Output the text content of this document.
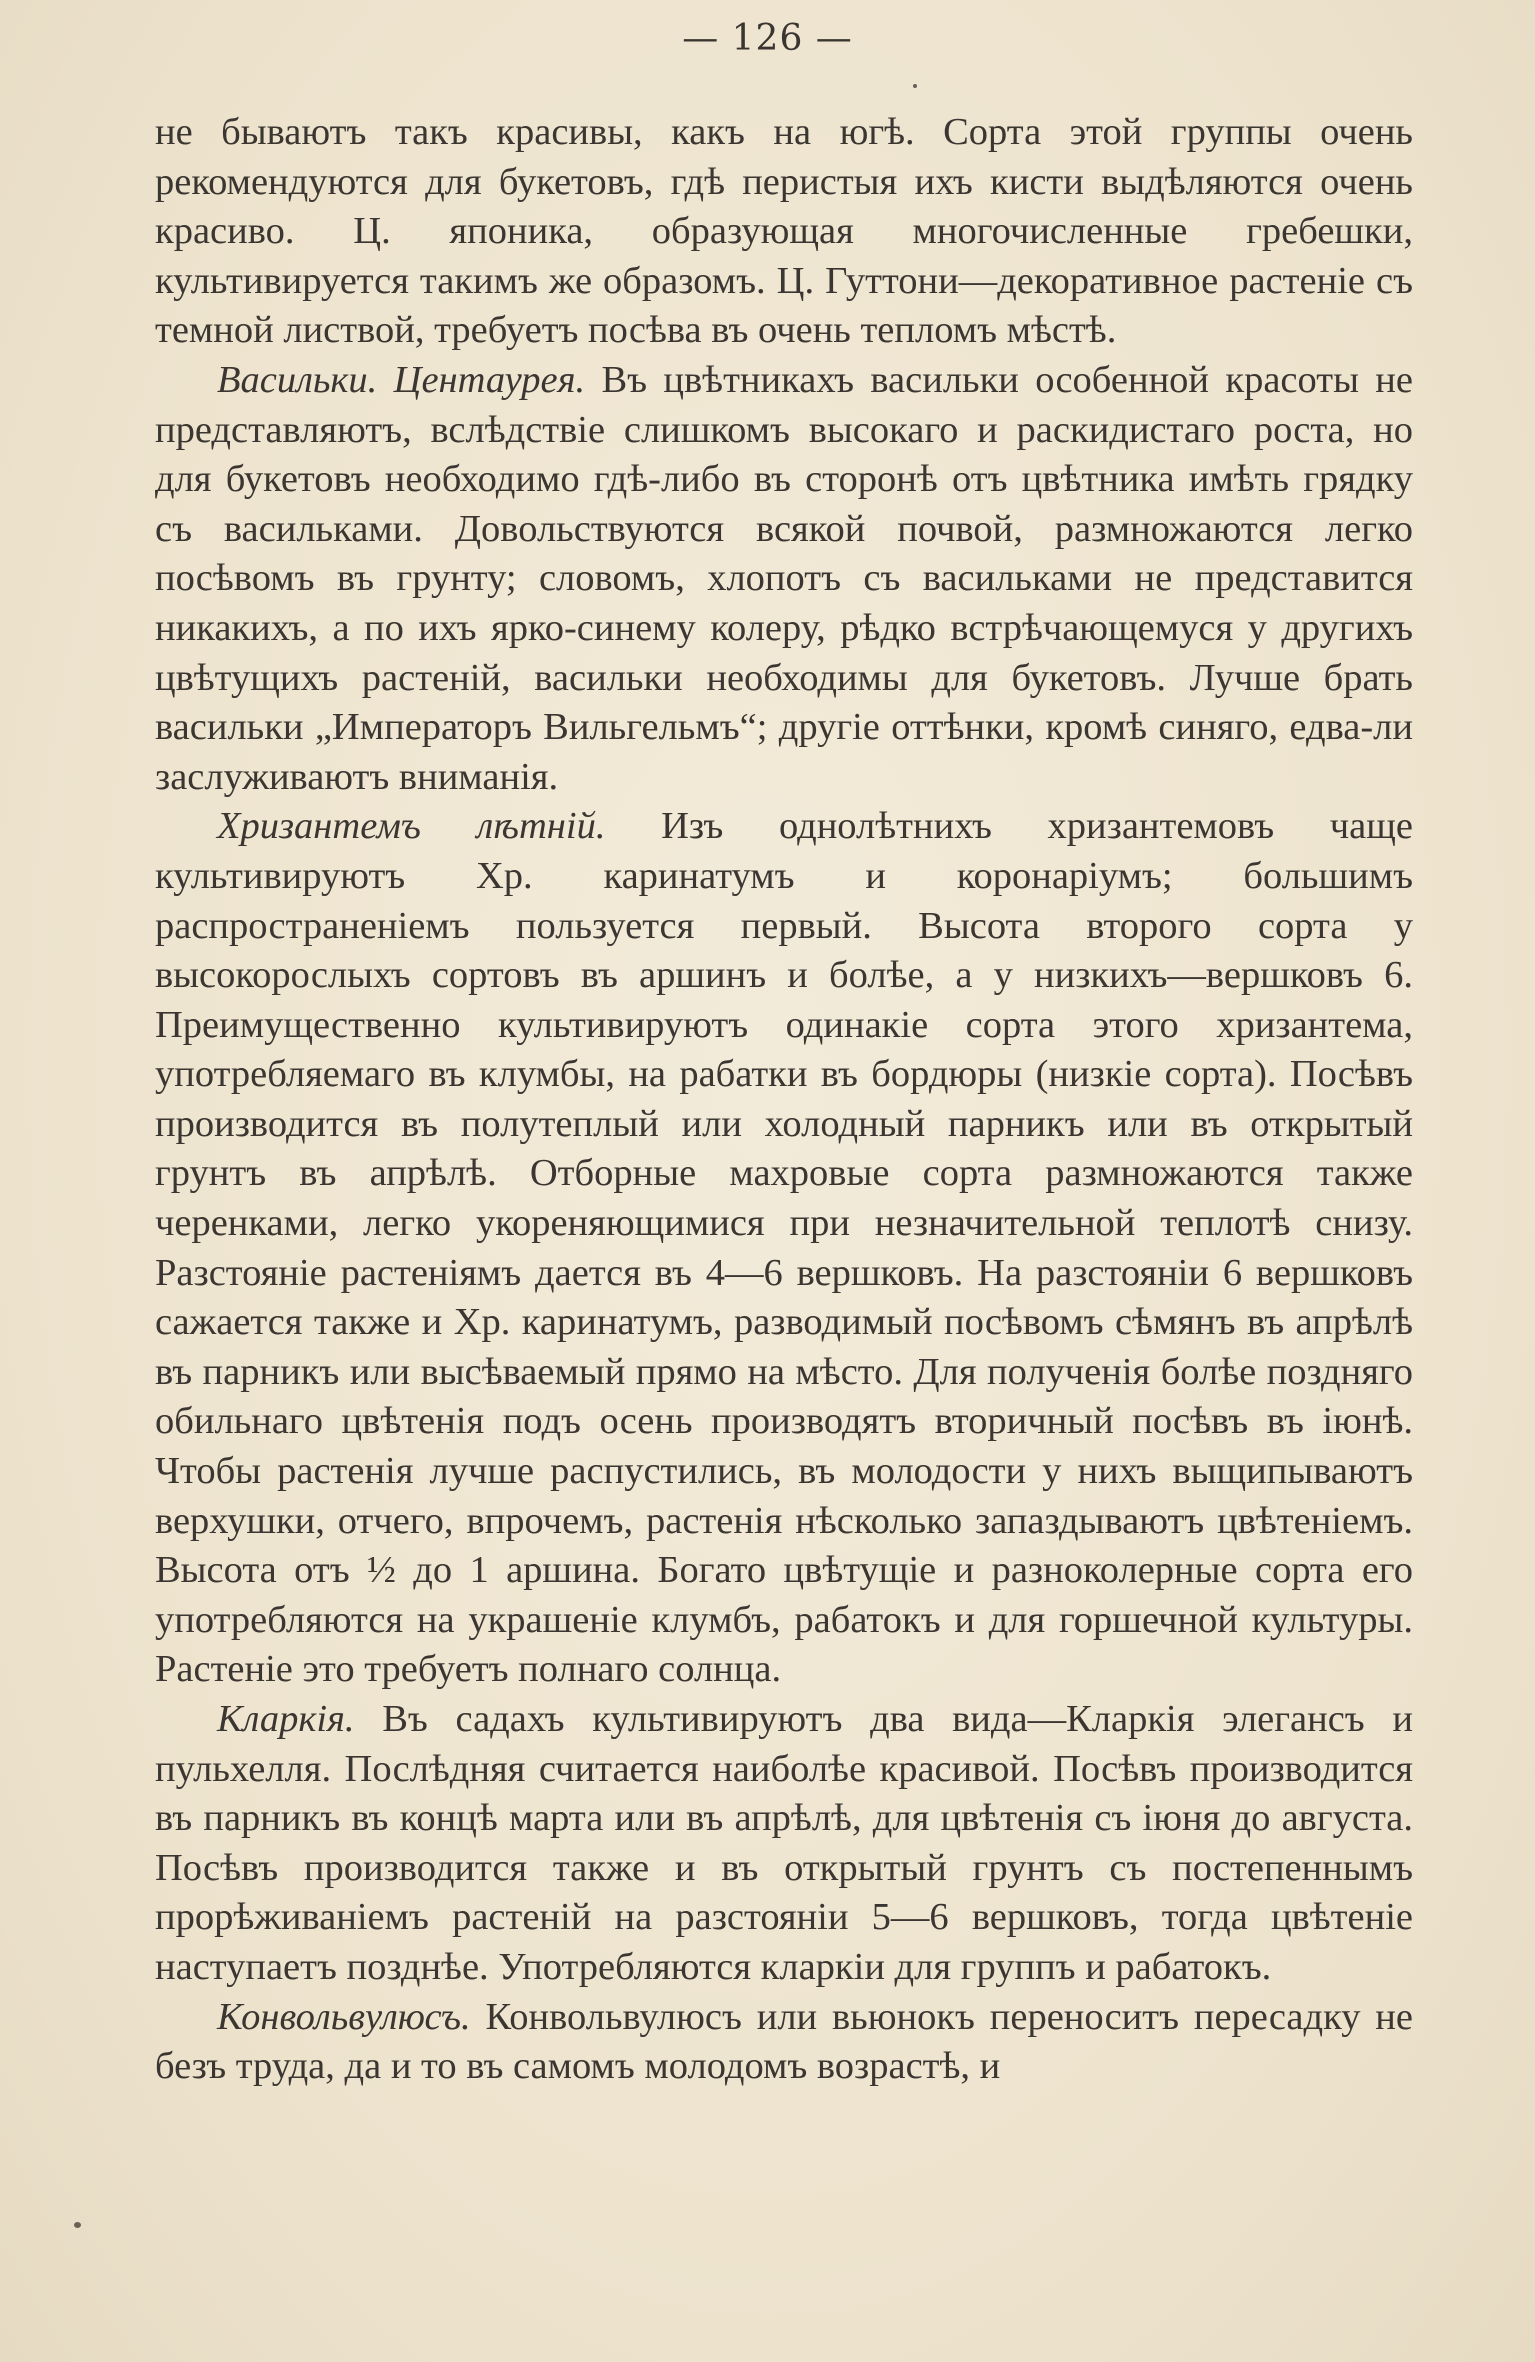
— 126 —

не бываютъ такъ красивы, какъ на югѣ. Сорта этой группы очень рекомендуются для букетовъ, гдѣ перистыя ихъ кисти выдѣляются очень красиво. Ц. японика, образующая многочисленные гребешки, культивируется такимъ же образомъ. Ц. Гуттони—декоративное растеніе съ темной листвой, требуетъ посѣва въ очень тепломъ мѣстѣ.

Васильки. Центаурея. Въ цвѣтникахъ васильки особенной красоты не представляютъ, вслѣдствіе слишкомъ высокаго и раскидистаго роста, но для букетовъ необходимо гдѣ-либо въ сторонѣ отъ цвѣтника имѣть грядку съ васильками. Довольствуются всякой почвой, размножаются легко посѣвомъ въ грунту; словомъ, хлопотъ съ васильками не представится никакихъ, а по ихъ ярко-синему колеру, рѣдко встрѣчающемуся у другихъ цвѣтущихъ растеній, васильки необходимы для букетовъ. Лучше брать васильки „Императоръ Вильгельмъ“; другіе оттѣнки, кромѣ синяго, едва-ли заслуживаютъ вниманія.

Хризантемъ лѣтній. Изъ однолѣтнихъ хризантемовъ чаще культивируютъ Хр. каринатумъ и коронаріумъ; большимъ распространеніемъ пользуется первый. Высота второго сорта у высокорослыхъ сортовъ въ аршинъ и болѣе, а у низкихъ—вершковъ 6. Преимущественно культивируютъ одинакіе сорта этого хризантема, употребляемаго въ клумбы, на рабатки въ бордюры (низкіе сорта). Посѣвъ производится въ полутеплый или холодный парникъ или въ открытый грунтъ въ апрѣлѣ. Отборные махровые сорта размножаются также черенками, легко укореняющимися при незначительной теплотѣ снизу. Разстояніе растеніямъ дается въ 4—6 вершковъ. На разстояніи 6 вершковъ сажается также и Хр. каринатумъ, разводимый посѣвомъ сѣмянъ въ апрѣлѣ въ парникъ или высѣваемый прямо на мѣсто. Для полученія болѣе поздняго обильнаго цвѣтенія подъ осень производятъ вторичный посѣвъ въ іюнѣ. Чтобы растенія лучше распустились, въ молодости у нихъ выщипываютъ верхушки, отчего, впрочемъ, растенія нѣсколько запаздываютъ цвѣтеніемъ. Высота отъ ½ до 1 аршина. Богато цвѣтущіе и разноколерные сорта его употребляются на украшеніе клумбъ, рабатокъ и для горшечной культуры. Растеніе это требуетъ полнаго солнца.

Кларкія. Въ садахъ культивируютъ два вида—Кларкія элегансъ и пульхелля. Послѣдняя считается наиболѣе красивой. Посѣвъ производится въ парникъ въ концѣ марта или въ апрѣлѣ, для цвѣтенія съ іюня до августа. Посѣвъ производится также и въ открытый грунтъ съ постепеннымъ прорѣживаніемъ растеній на разстояніи 5—6 вершковъ, тогда цвѣтеніе наступаетъ позднѣе. Употребляются кларкіи для группъ и рабатокъ.

Конвольвулюсъ. Конвольвулюсъ или вьюнокъ переноситъ пересадку не безъ труда, да и то въ самомъ молодомъ возрастѣ, и
